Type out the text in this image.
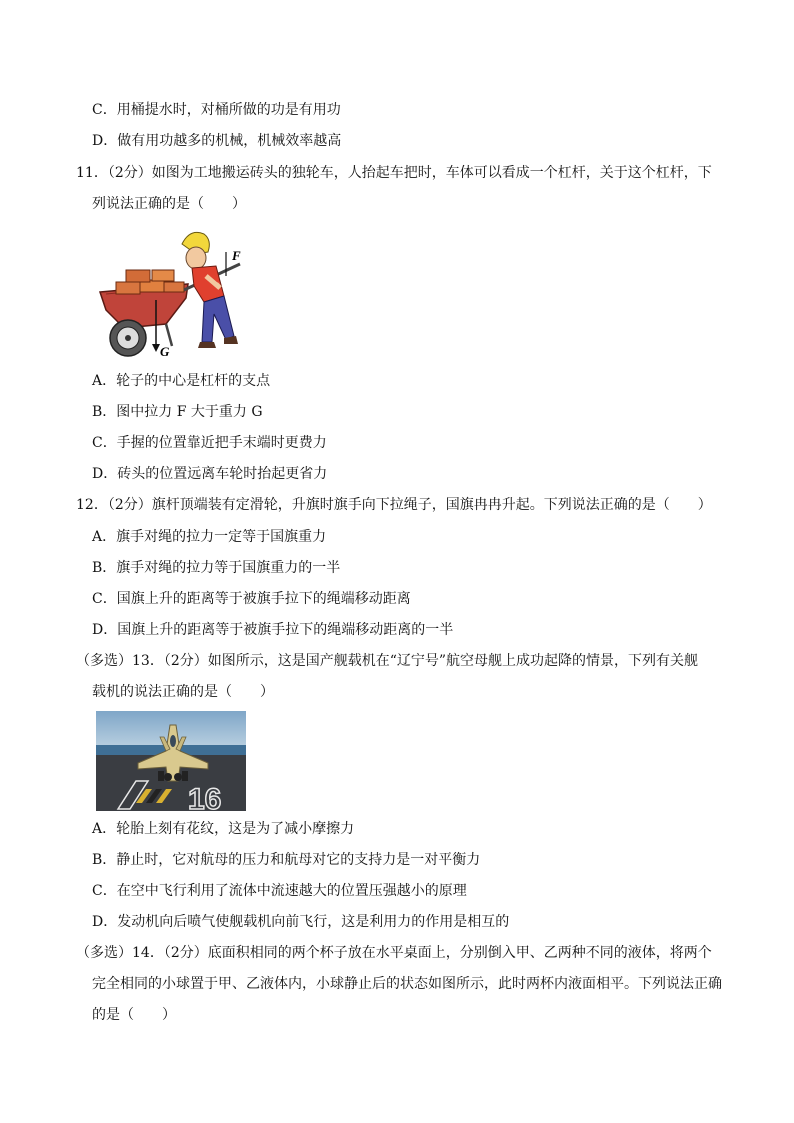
C．用桶提水时，对桶所做的功是有用功
D．做有用功越多的机械，机械效率越高
11．（2分）如图为工地搬运砖头的独轮车，人抬起车把时，车体可以看成一个杠杆，关于这个杠杆，下
列说法正确的是（　　）
F
G
A．轮子的中心是杠杆的支点
B．图中拉力 F 大于重力 G
C．手握的位置靠近把手末端时更费力
D．砖头的位置远离车轮时抬起更省力
12．（2分）旗杆顶端装有定滑轮，升旗时旗手向下拉绳子，国旗冉冉升起。下列说法正确的是（　　）
A．旗手对绳的拉力一定等于国旗重力
B．旗手对绳的拉力等于国旗重力的一半
C．国旗上升的距离等于被旗手拉下的绳端移动距离
D．国旗上升的距离等于被旗手拉下的绳端移动距离的一半
（多选）13．（2分）如图所示，这是国产舰载机在“辽宁号”航空母舰上成功起降的情景，下列有关舰
载机的说法正确的是（　　）
16
A．轮胎上刻有花纹，这是为了减小摩擦力
B．静止时，它对航母的压力和航母对它的支持力是一对平衡力
C．在空中飞行利用了流体中流速越大的位置压强越小的原理
D．发动机向后喷气使舰载机向前飞行，这是利用力的作用是相互的
（多选）14．（2分）底面积相同的两个杯子放在水平桌面上，分别倒入甲、乙两种不同的液体，将两个
完全相同的小球置于甲、乙液体内，小球静止后的状态如图所示，此时两杯内液面相平。下列说法正确
的是（　　）
